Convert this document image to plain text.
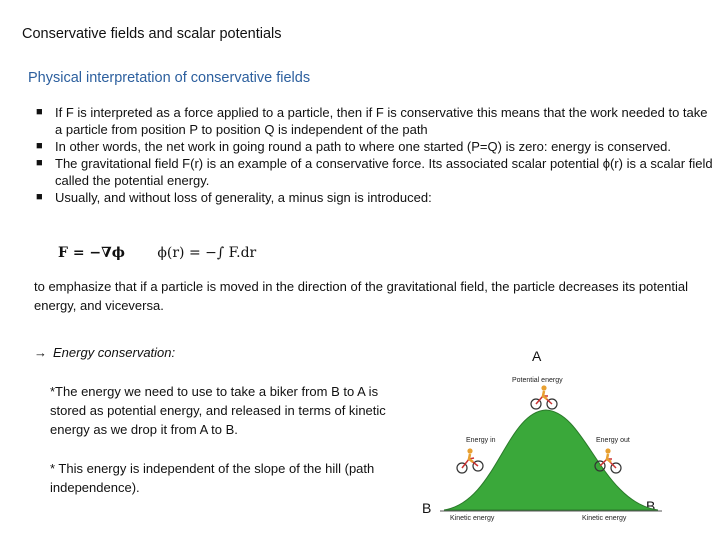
Conservative fields and scalar potentials
Physical interpretation of conservative fields
■ If F is interpreted as a force applied to a particle, then if F is conservative this means that the work needed to take a particle from position P to position Q is independent of the path
■ In other words, the net work in going round a path to where one started (P=Q) is zero: energy is conserved.
■ The gravitational field F(r) is an example of a conservative force. Its associated scalar potential ϕ(r) is a scalar field called the potential energy.
■ Usually, and without loss of generality, a minus sign is introduced:
F = −∇ϕ ϕ(r) = −∫ F.dr
to emphasize that if a particle is moved in the direction of the gravitational field, the particle decreases its potential energy, and viceversa.
→ Energy conservation:
*The energy we need to use to take a biker from B to A is stored as potential energy, and released in terms of kinetic energy as we drop it from A to B.
* This energy is independent of the slope of the hill (path independence).
A
B	B
Potential energy
Energy in	Energy out
Kinetic energy	Kinetic energy
